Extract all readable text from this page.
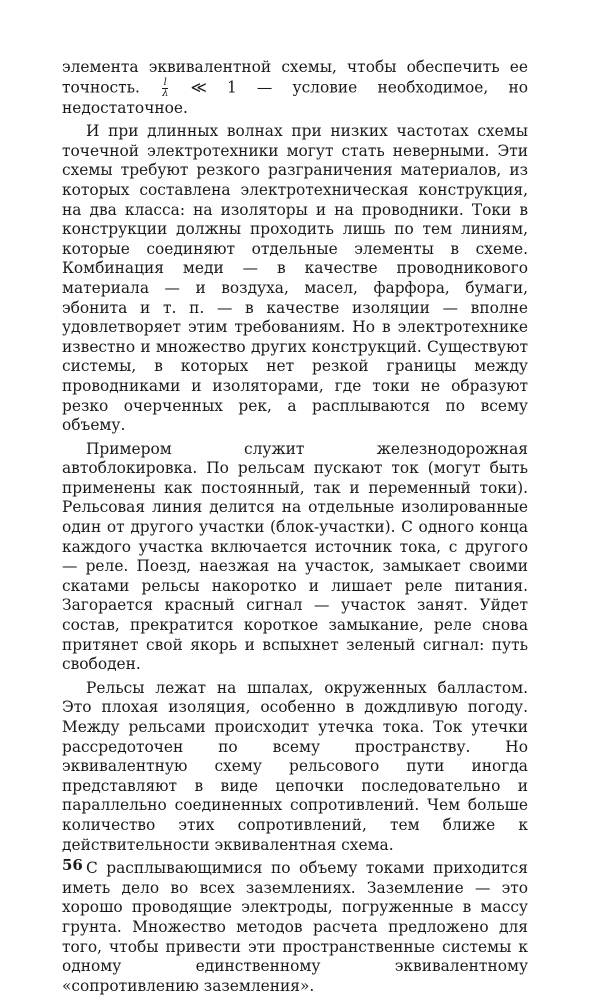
элемента эквивалентной схемы, чтобы обеспечить ее точность. $\frac{l}{\lambda}$ ≪ 1 — условие необходимое, но недостаточное.

И при длинных волнах при низких частотах схемы точечной электротехники могут стать неверными. Эти схемы требуют резкого разграничения материалов, из которых составлена электротехническая конструкция, на два класса: на изоляторы и на проводники. Токи в конструкции должны проходить лишь по тем линиям, которые соединяют отдельные элементы в схеме. Комбинация меди — в качестве проводникового материала — и воздуха, масел, фарфора, бумаги, эбонита и т. п. — в качестве изоляции — вполне удовлетворяет этим требованиям. Но в электротехнике известно и множество других конструкций. Существуют системы, в которых нет резкой границы между проводниками и изоляторами, где токи не образуют резко очерченных рек, а расплываются по всему объему.

Примером служит железнодорожная автоблокировка. По рельсам пускают ток (могут быть применены как постоянный, так и переменный токи). Рельсовая линия делится на отдельные изолированные один от другого участки (блок-участки). С одного конца каждого участка включается источник тока, с другого — реле. Поезд, наезжая на участок, замыкает своими скатами рельсы накоротко и лишает реле питания. Загорается красный сигнал — участок занят. Уйдет состав, прекратится короткое замыкание, реле снова притянет свой якорь и вспыхнет зеленый сигнал: путь свободен.

Рельсы лежат на шпалах, окруженных балластом. Это плохая изоляция, особенно в дождливую погоду. Между рельсами происходит утечка тока. Ток утечки рассредоточен по всему пространству. Но эквивалентную схему рельсового пути иногда представляют в виде цепочки последовательно и параллельно соединенных сопротивлений. Чем больше количество этих сопротивлений, тем ближе к действительности эквивалентная схема.

С расплывающимися по объему токами приходится иметь дело во всех заземлениях. Заземление — это хорошо проводящие электроды, погруженные в массу грунта. Множество методов расчета предложено для того, чтобы привести эти пространственные системы к одному единственному эквивалентному «сопротивлению заземления».

56
